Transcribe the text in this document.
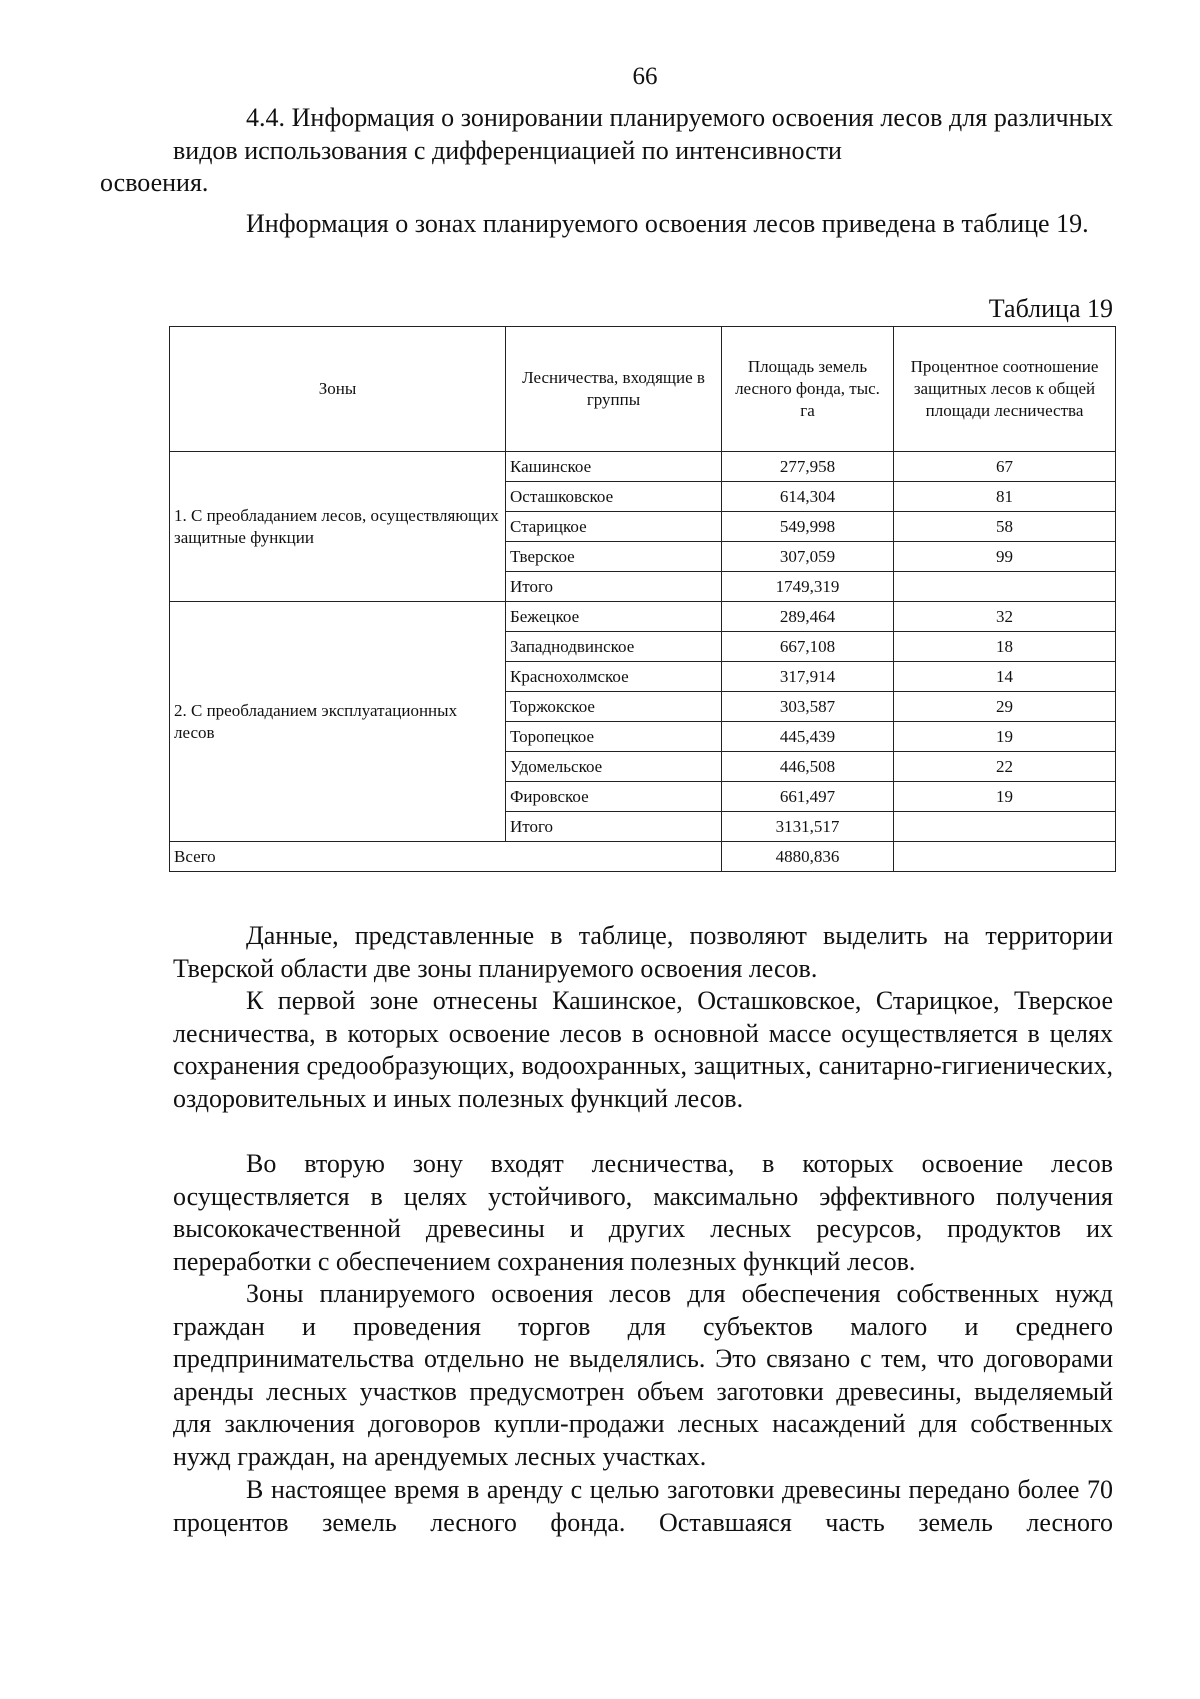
66

4.4. Информация о зонировании планируемого освоения лесов для различных видов использования с дифференциацией по интенсивности
освоения.

Информация о зонах планируемого освоения лесов приведена в таблице 19.

Таблица 19
Зоны	Лесничества, входящие в группы	Площадь земель лесного фонда, тыс. га	Процентное соотношение защитных лесов к общей площади лесничества
1. С преобладанием лесов, осуществляющих защитные функции	Кашинское	277,958	67
	Осташковское	614,304	81
	Старицкое	549,998	58
	Тверское	307,059	99
	Итого	1749,319	
2. С преобладанием эксплуатационных лесов	Бежецкое	289,464	32
	Западнодвинское	667,108	18
	Краснохолмское	317,914	14
	Торжокское	303,587	29
	Торопецкое	445,439	19
	Удомельское	446,508	22
	Фировское	661,497	19
	Итого	3131,517	
Всего		4880,836	

Данные, представленные в таблице, позволяют выделить на территории Тверской области две зоны планируемого освоения лесов.

К первой зоне отнесены Кашинское, Осташковское, Старицкое, Тверское лесничества, в которых освоение лесов в основной массе осуществляется в целях сохранения средообразующих, водоохранных, защитных, санитарно-гигиенических, оздоровительных и иных полезных функций лесов.

Во вторую зону входят лесничества, в которых освоение лесов осуществляется в целях устойчивого, максимально эффективного получения высококачественной древесины и других лесных ресурсов, продуктов их переработки с обеспечением сохранения полезных функций лесов.

Зоны планируемого освоения лесов для обеспечения собственных нужд граждан и проведения торгов для субъектов малого и среднего предпринимательства отдельно не выделялись. Это связано с тем, что договорами аренды лесных участков предусмотрен объем заготовки древесины, выделяемый для заключения договоров купли-продажи лесных насаждений для собственных нужд граждан, на арендуемых лесных участках.

В настоящее время в аренду с целью заготовки древесины передано более 70 процентов земель лесного фонда. Оставшаяся часть земель лесного
